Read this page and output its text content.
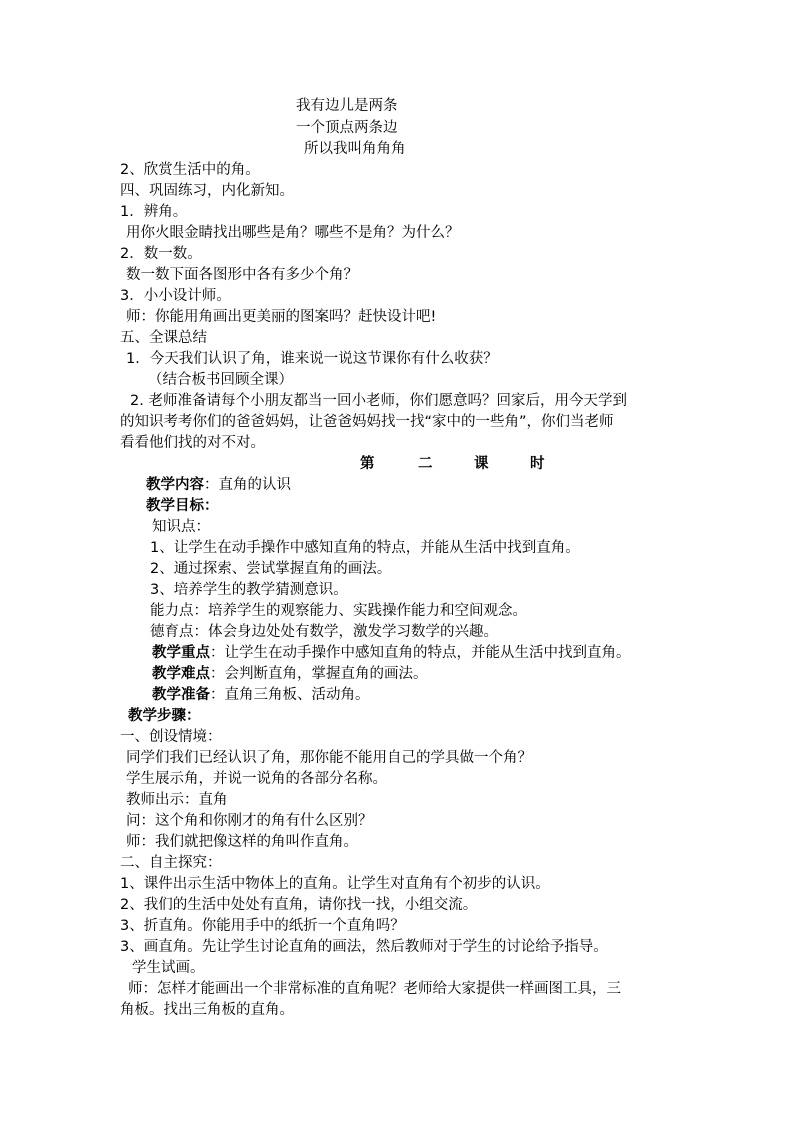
我有边儿是两条
一个顶点两条边
所以我叫角角角
2、欣赏生活中的角。
四、巩固练习，内化新知。
1．辨角。
用你火眼金睛找出哪些是角？哪些不是角？为什么？
2．数一数。
数一数下面各图形中各有多少个角？
3．小小设计师。
师：你能用角画出更美丽的图案吗？赶快设计吧!
五、全课总结
1．今天我们认识了角，谁来说一说这节课你有什么收获？
（结合板书回顾全课）
2. 老师准备请每个小朋友都当一回小老师，你们愿意吗？回家后，用今天学到
的知识考考你们的爸爸妈妈，让爸爸妈妈找一找“家中的一些角”，你们当老师
看看他们找的对不对。
第	二	课	时
教学内容：直角的认识
教学目标：
知识点：
1、让学生在动手操作中感知直角的特点，并能从生活中找到直角。
2、通过探索、尝试掌握直角的画法。
3、培养学生的教学猜测意识。
能力点：培养学生的观察能力、实践操作能力和空间观念。
德育点：体会身边处处有数学，激发学习数学的兴趣。
教学重点：让学生在动手操作中感知直角的特点，并能从生活中找到直角。
教学难点：会判断直角，掌握直角的画法。
教学准备：直角三角板、活动角。
教学步骤：
一、创设情境：
同学们我们已经认识了角，那你能不能用自己的学具做一个角？
学生展示角，并说一说角的各部分名称。
教师出示：直角
问：这个角和你刚才的角有什么区别？
师：我们就把像这样的角叫作直角。
二、自主探究：
1、课件出示生活中物体上的直角。让学生对直角有个初步的认识。
2、我们的生活中处处有直角，请你找一找，小组交流。
3、折直角。你能用手中的纸折一个直角吗？
3、画直角。先让学生讨论直角的画法，然后教师对于学生的讨论给予指导。
学生试画。
师：怎样才能画出一个非常标准的直角呢？老师给大家提供一样画图工具，三
角板。找出三角板的直角。
